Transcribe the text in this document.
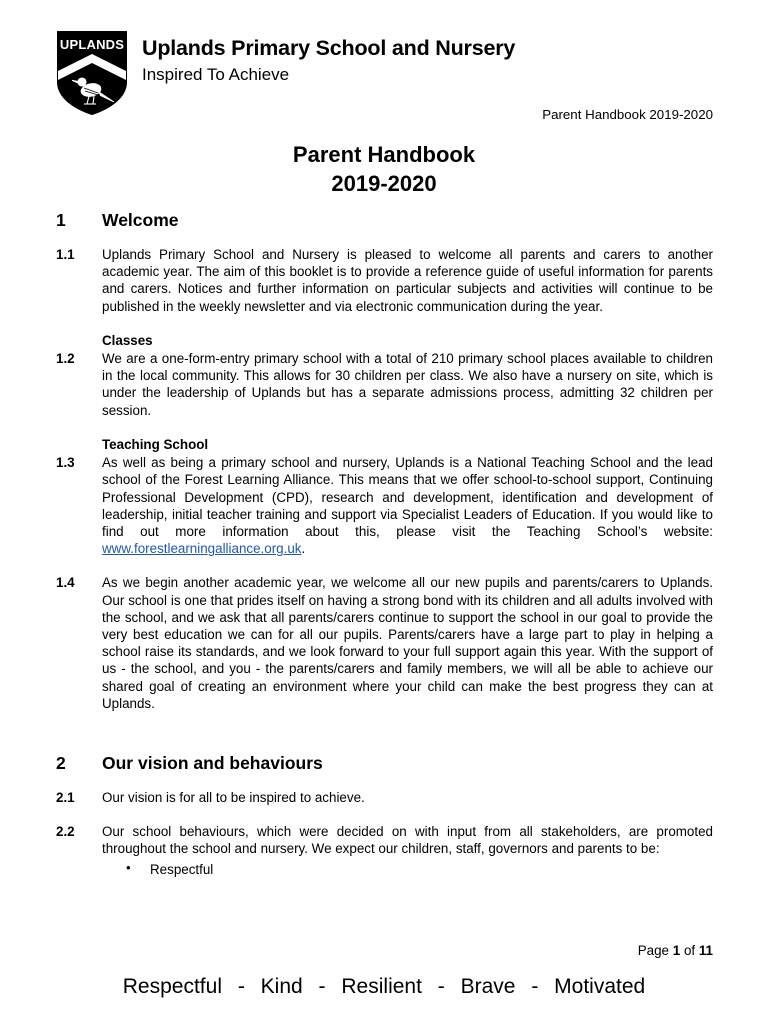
UPLANDS Uplands Primary School and Nursery
Inspired To Achieve
Parent Handbook 2019-2020
Parent Handbook
2019-2020
1	Welcome
1.1	Uplands Primary School and Nursery is pleased to welcome all parents and carers to another academic year. The aim of this booklet is to provide a reference guide of useful information for parents and carers. Notices and further information on particular subjects and activities will continue to be published in the weekly newsletter and via electronic communication during the year.
Classes
1.2	We are a one-form-entry primary school with a total of 210 primary school places available to children in the local community. This allows for 30 children per class. We also have a nursery on site, which is under the leadership of Uplands but has a separate admissions process, admitting 32 children per session.
Teaching School
1.3	As well as being a primary school and nursery, Uplands is a National Teaching School and the lead school of the Forest Learning Alliance. This means that we offer school-to-school support, Continuing Professional Development (CPD), research and development, identification and development of leadership, initial teacher training and support via Specialist Leaders of Education. If you would like to find out more information about this, please visit the Teaching School’s website: www.forestlearningalliance.org.uk.
1.4	As we begin another academic year, we welcome all our new pupils and parents/carers to Uplands. Our school is one that prides itself on having a strong bond with its children and all adults involved with the school, and we ask that all parents/carers continue to support the school in our goal to provide the very best education we can for all our pupils. Parents/carers have a large part to play in helping a school raise its standards, and we look forward to your full support again this year. With the support of us - the school, and you - the parents/carers and family members, we will all be able to achieve our shared goal of creating an environment where your child can make the best progress they can at Uplands.
2	Our vision and behaviours
2.1	Our vision is for all to be inspired to achieve.
2.2	Our school behaviours, which were decided on with input from all stakeholders, are promoted throughout the school and nursery. We expect our children, staff, governors and parents to be:
• Respectful
Page 1 of 11
Respectful - Kind - Resilient - Brave - Motivated
